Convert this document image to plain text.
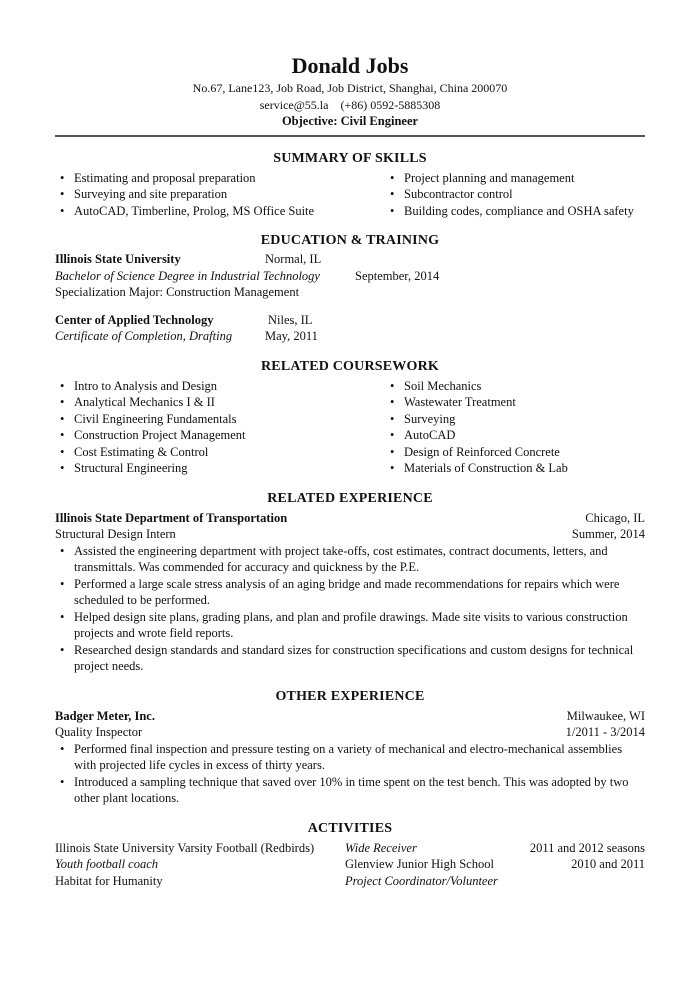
Donald Jobs
No.67, Lane123, Job Road, Job District, Shanghai, China 200070
service@55.la    (+86) 0592-5885308
Objective: Civil Engineer
SUMMARY OF SKILLS
• Estimating and proposal preparation
• Surveying and site preparation
• AutoCAD, Timberline, Prolog, MS Office Suite
• Project planning and management
• Subcontractor control
• Building codes, compliance and OSHA safety
EDUCATION & TRAINING
Illinois State University	Normal, IL
Bachelor of Science Degree in Industrial Technology	September, 2014
Specialization Major: Construction Management
Center of Applied Technology	Niles, IL
Certificate of Completion, Drafting	May, 2011
RELATED COURSEWORK
• Intro to Analysis and Design
• Analytical Mechanics I & II
• Civil Engineering Fundamentals
• Construction Project Management
• Cost Estimating & Control
• Structural Engineering
• Soil Mechanics
• Wastewater Treatment
• Surveying
• AutoCAD
• Design of Reinforced Concrete
• Materials of Construction & Lab
RELATED EXPERIENCE
Illinois State Department of Transportation	Chicago, IL
Structural Design Intern	Summer, 2014
• Assisted the engineering department with project take-offs, cost estimates, contract documents, letters, and transmittals. Was commended for accuracy and quickness by the P.E.
• Performed a large scale stress analysis of an aging bridge and made recommendations for repairs which were scheduled to be performed.
• Helped design site plans, grading plans, and plan and profile drawings. Made site visits to various construction projects and wrote field reports.
• Researched design standards and standard sizes for construction specifications and custom designs for technical project needs.
OTHER EXPERIENCE
Badger Meter, Inc.	Milwaukee, WI
Quality Inspector	1/2011 - 3/2014
• Performed final inspection and pressure testing on a variety of mechanical and electro-mechanical assemblies with projected life cycles in excess of thirty years.
• Introduced a sampling technique that saved over 10% in time spent on the test bench. This was adopted by two other plant locations.
ACTIVITIES
Illinois State University Varsity Football (Redbirds)	Wide Receiver	2011 and 2012 seasons
Youth football coach	Glenview Junior High School	2010 and 2011
Habitat for Humanity	Project Coordinator/Volunteer
